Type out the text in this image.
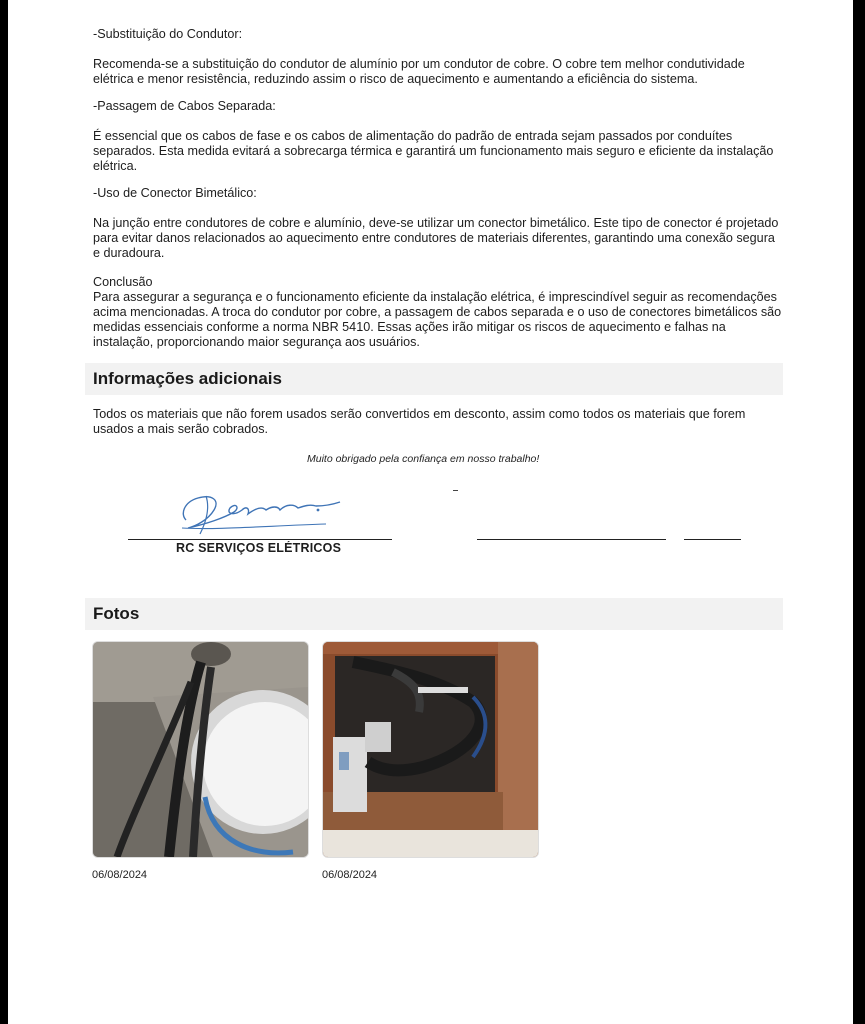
-Substituição do Condutor:

Recomenda-se a substituição do condutor de alumínio por um condutor de cobre. O cobre tem melhor condutividade elétrica e menor resistência, reduzindo assim o risco de aquecimento e aumentando a eficiência do sistema.

-Passagem de Cabos Separada:

É essencial que os cabos de fase e os cabos de alimentação do padrão de entrada sejam passados por conduítes separados. Esta medida evitará a sobrecarga térmica e garantirá um funcionamento mais seguro e eficiente da instalação elétrica.

-Uso de Conector Bimetálico:

Na junção entre condutores de cobre e alumínio, deve-se utilizar um conector bimetálico. Este tipo de conector é projetado para evitar danos relacionados ao aquecimento entre condutores de materiais diferentes, garantindo uma conexão segura e duradoura.

Conclusão

Para assegurar a segurança e o funcionamento eficiente da instalação elétrica, é imprescindível seguir as recomendações acima mencionadas. A troca do condutor por cobre, a passagem de cabos separada e o uso de conectores bimetálicos são medidas essenciais conforme a norma NBR 5410. Essas ações irão mitigar os riscos de aquecimento e falhas na instalação, proporcionando maior segurança aos usuários.

Informações adicionais

Todos os materiais que não forem usados serão convertidos em desconto, assim como todos os materiais que forem usados a mais serão cobrados.

Muito obrigado pela confiança em nosso trabalho!
RC SERVIÇOS ELÉTRICOS
Fotos
06/08/2024	06/08/2024
